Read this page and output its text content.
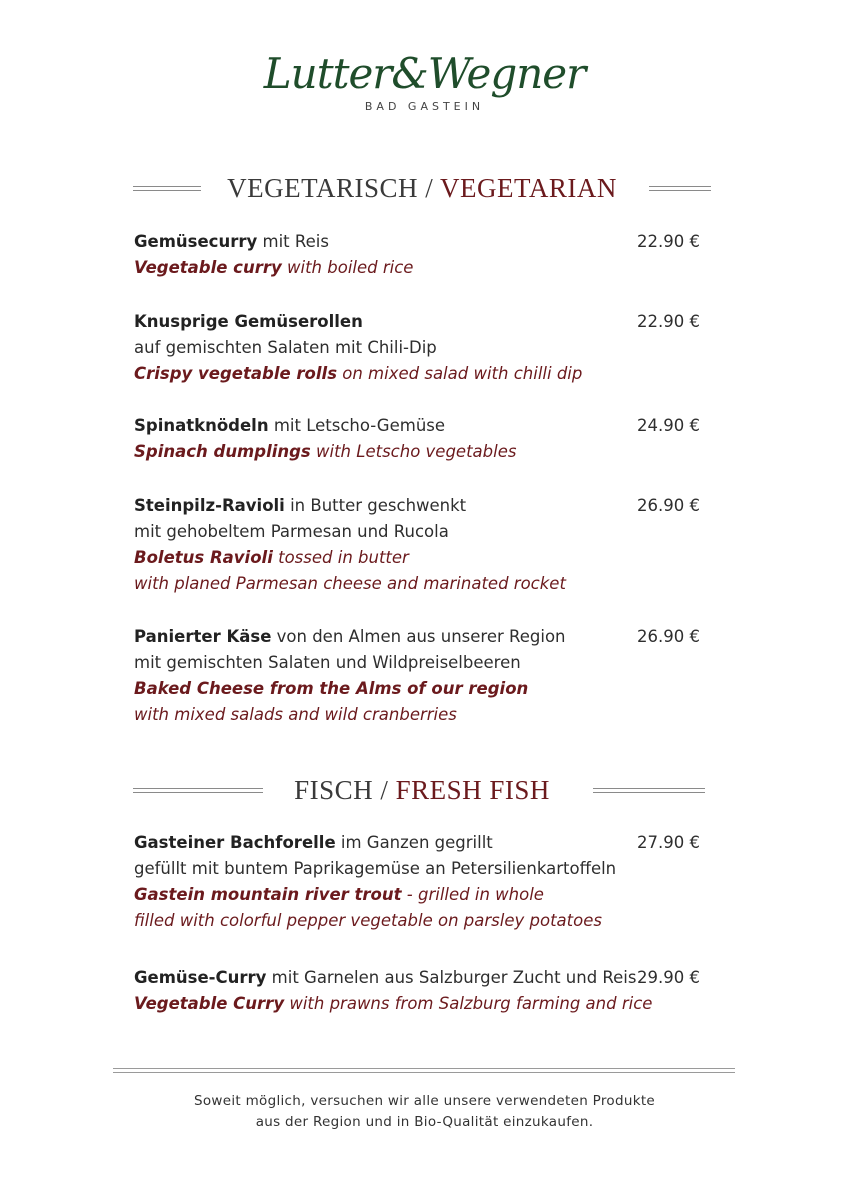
Lutter&Wegner
BAD GASTEIN
VEGETARISCH / VEGETARIAN
Gemüsecurry mit Reis
Vegetable curry with boiled rice
22.90 €
Knusprige Gemüserollen
auf gemischten Salaten mit Chili-Dip
Crispy vegetable rolls on mixed salad with chilli dip
22.90 €
Spinatknödeln mit Letscho-Gemüse
Spinach dumplings with Letscho vegetables
24.90 €
Steinpilz-Ravioli in Butter geschwenkt
mit gehobeltem Parmesan und Rucola
Boletus Ravioli tossed in butter
with planed Parmesan cheese and marinated rocket
26.90 €
Panierter Käse von den Almen aus unserer Region
mit gemischten Salaten und Wildpreiselbeeren
Baked Cheese from the Alms of our region
with mixed salads and wild cranberries
26.90 €
FISCH / FRESH FISH
Gasteiner Bachforelle im Ganzen gegrillt
gefüllt mit buntem Paprikagemüse an Petersilienkartoffeln
Gastein mountain river trout - grilled in whole
filled with colorful pepper vegetable on parsley potatoes
27.90 €
Gemüse-Curry mit Garnelen aus Salzburger Zucht und Reis
Vegetable Curry with prawns from Salzburg farming and rice
29.90 €
Soweit möglich, versuchen wir alle unsere verwendeten Produkte
aus der Region und in Bio-Qualität einzukaufen.
